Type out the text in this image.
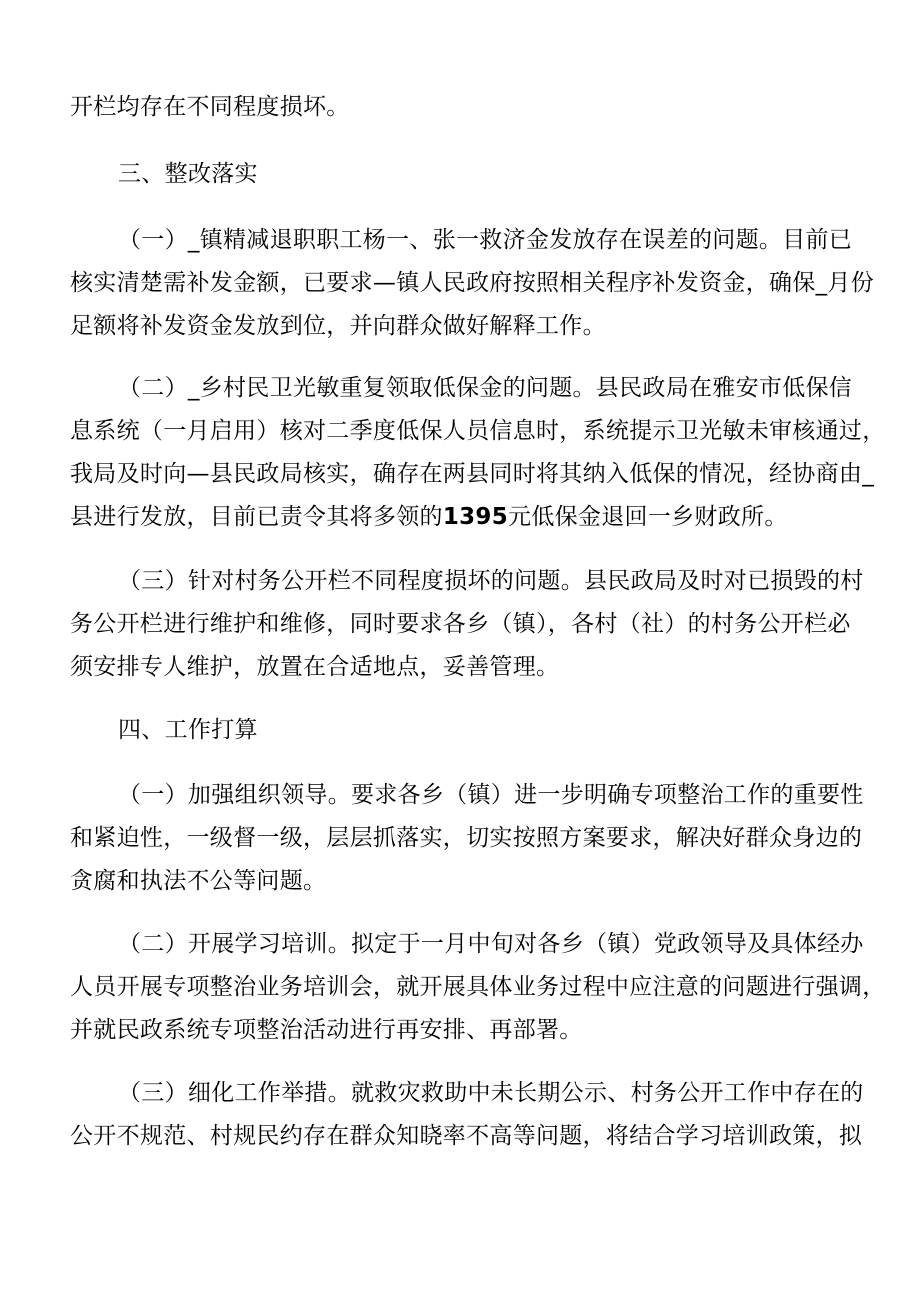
开栏均存在不同程度损坏。
三、整改落实
（一）_镇精减退职职工杨一、张一救济金发放存在误差的问题。目前已
核实清楚需补发金额，已要求—镇人民政府按照相关程序补发资金，确保_月份
足额将补发资金发放到位，并向群众做好解释工作。
（二）_乡村民卫光敏重复领取低保金的问题。县民政局在雅安市低保信
息系统（一月启用）核对二季度低保人员信息时，系统提示卫光敏未审核通过，
我局及时向—县民政局核实，确存在两县同时将其纳入低保的情况，经协商由_
县进行发放，目前已责令其将多领的1395元低保金退回一乡财政所。
（三）针对村务公开栏不同程度损坏的问题。县民政局及时对已损毁的村
务公开栏进行维护和维修，同时要求各乡（镇），各村（社）的村务公开栏必
须安排专人维护，放置在合适地点，妥善管理。
四、工作打算
（一）加强组织领导。要求各乡（镇）进一步明确专项整治工作的重要性
和紧迫性，一级督一级，层层抓落实，切实按照方案要求，解决好群众身边的
贪腐和执法不公等问题。
（二）开展学习培训。拟定于一月中旬对各乡（镇）党政领导及具体经办
人员开展专项整治业务培训会，就开展具体业务过程中应注意的问题进行强调，
并就民政系统专项整治活动进行再安排、再部署。
（三）细化工作举措。就救灾救助中未长期公示、村务公开工作中存在的
公开不规范、村规民约存在群众知晓率不高等问题，将结合学习培训政策，拟
